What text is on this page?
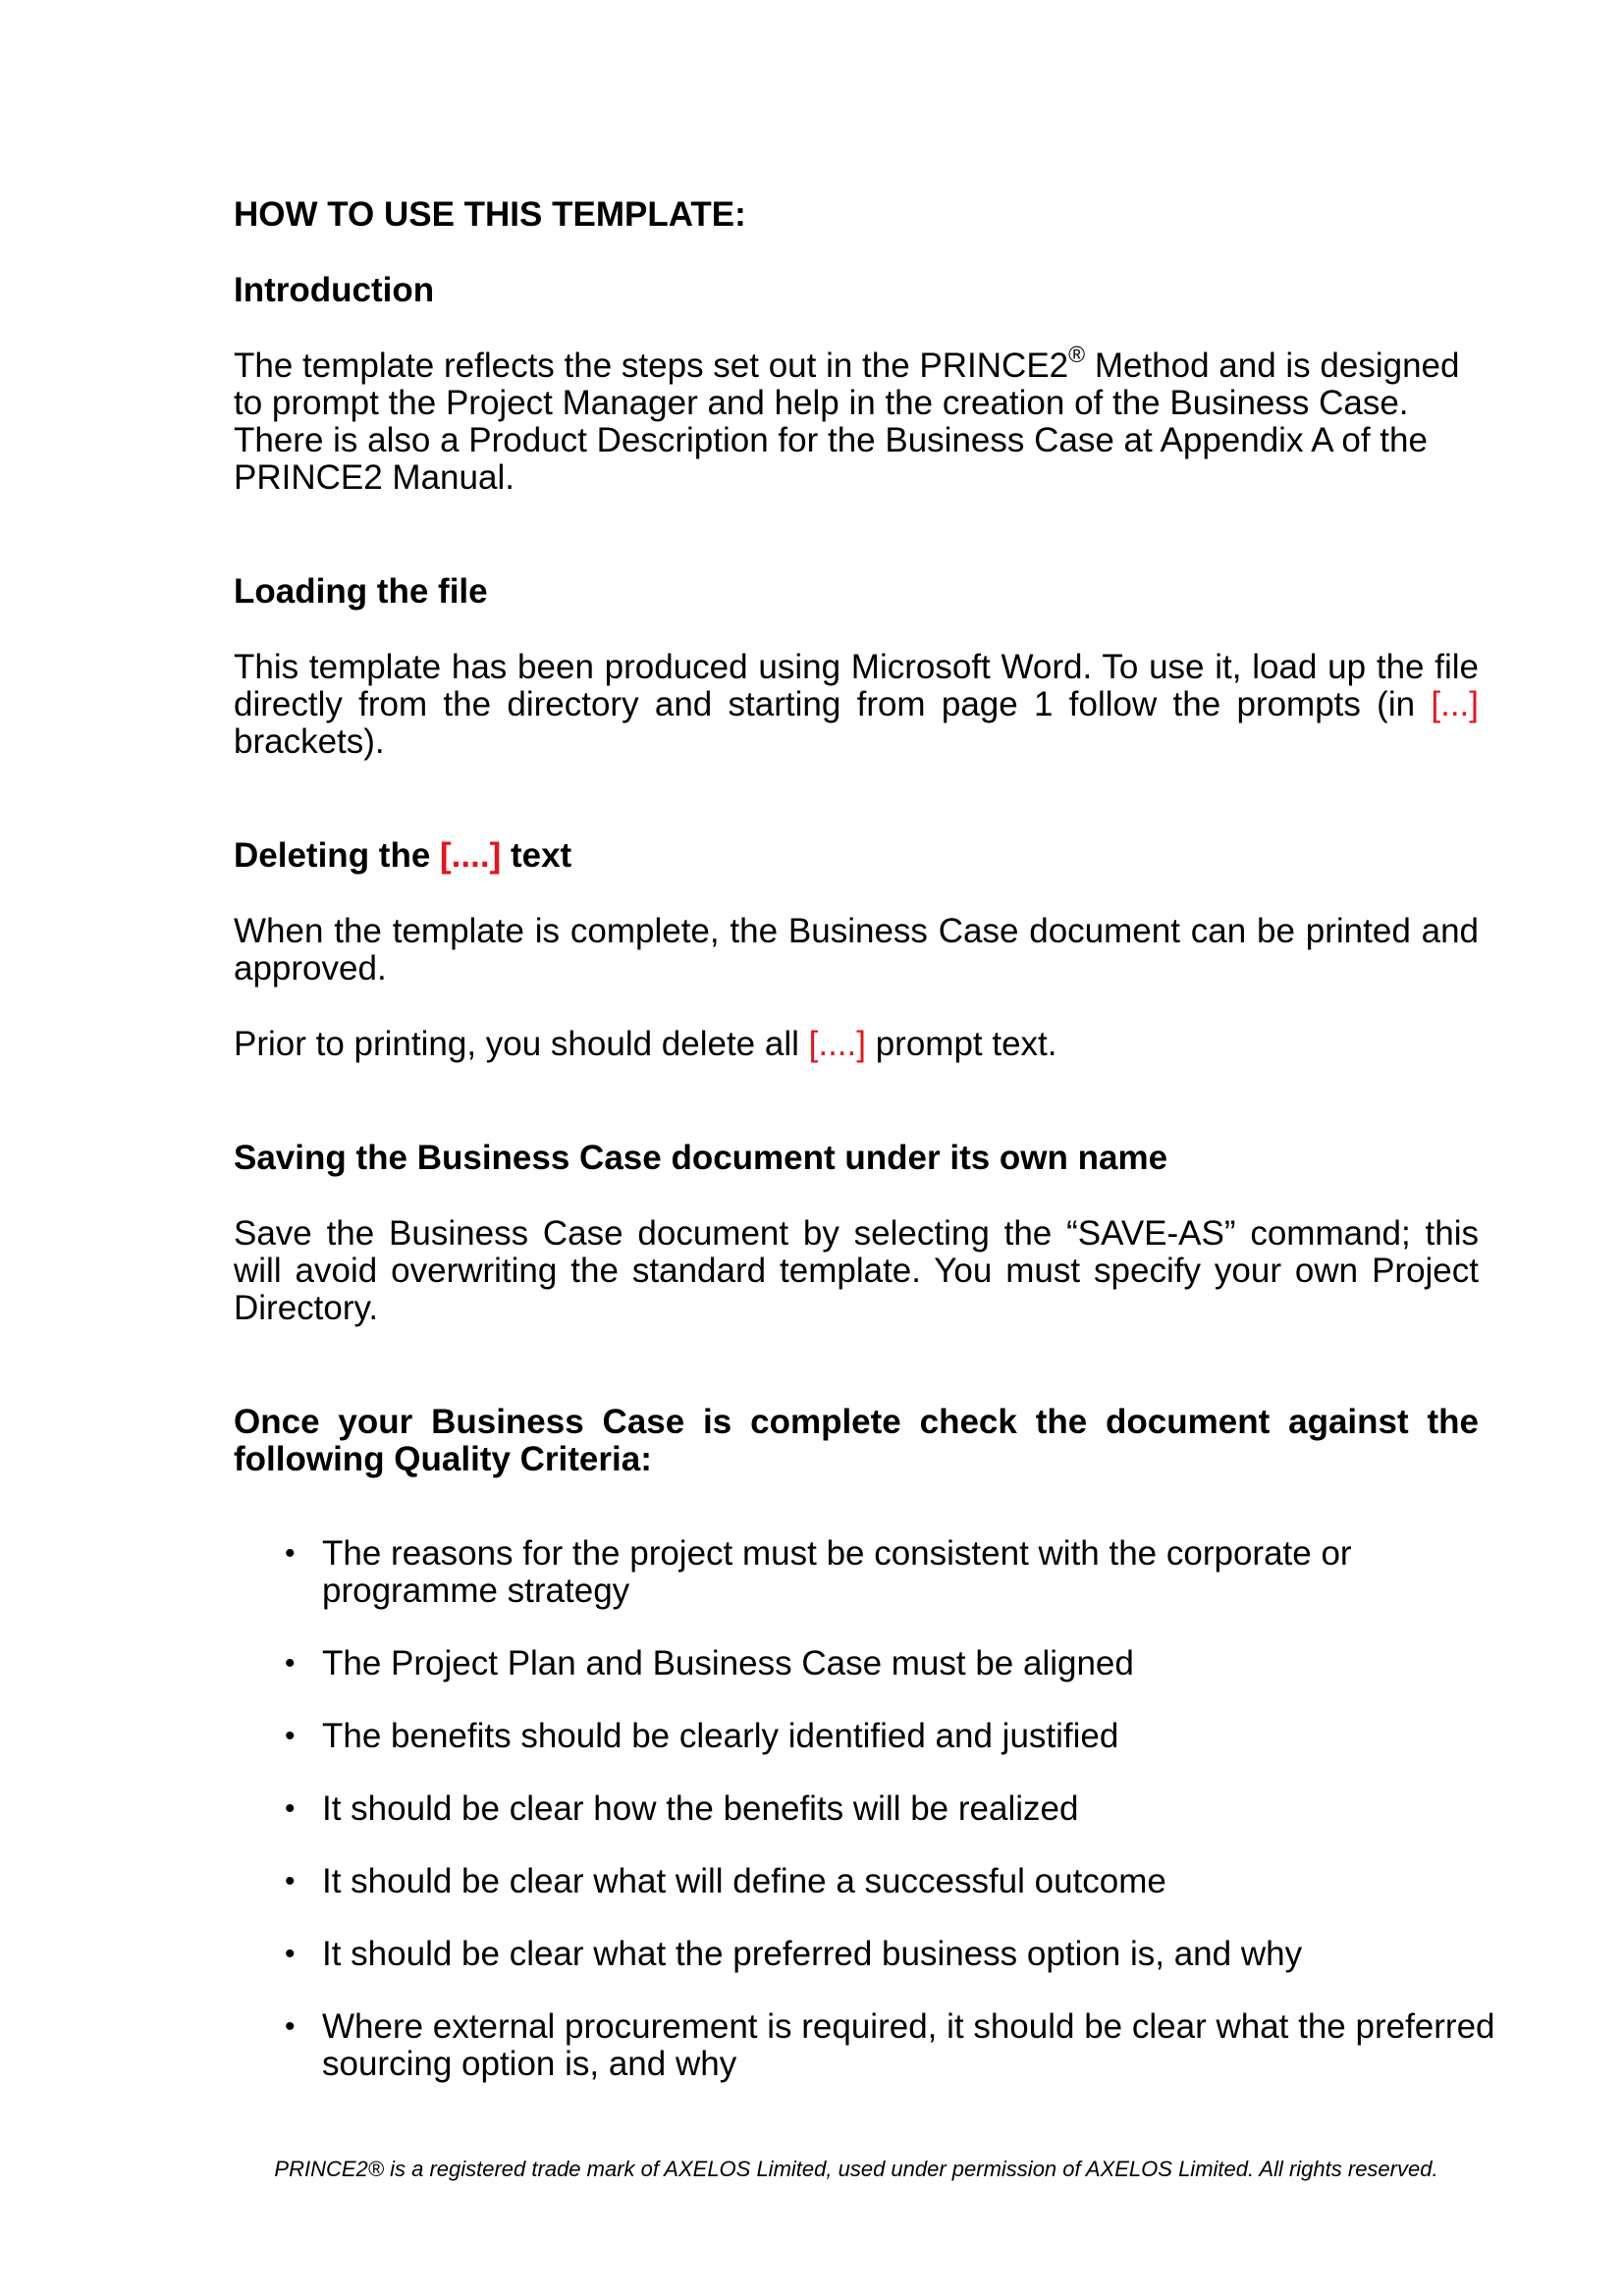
HOW TO USE THIS TEMPLATE:

Introduction

The template reflects the steps set out in the PRINCE2® Method and is designed to prompt the Project Manager and help in the creation of the Business Case. There is also a Product Description for the Business Case at Appendix A of the PRINCE2 Manual.

Loading the file

This template has been produced using Microsoft Word. To use it, load up the file directly from the directory and starting from page 1 follow the prompts (in [...] brackets).

Deleting the [....] text

When the template is complete, the Business Case document can be printed and approved.

Prior to printing, you should delete all [....] prompt text.

Saving the Business Case document under its own name

Save the Business Case document by selecting the “SAVE-AS” command; this will avoid overwriting the standard template. You must specify your own Project Directory.

Once your Business Case is complete check the document against the following Quality Criteria:

• The reasons for the project must be consistent with the corporate or programme strategy
• The Project Plan and Business Case must be aligned
• The benefits should be clearly identified and justified
• It should be clear how the benefits will be realized
• It should be clear what will define a successful outcome
• It should be clear what the preferred business option is, and why
• Where external procurement is required, it should be clear what the preferred sourcing option is, and why
PRINCE2® is a registered trade mark of AXELOS Limited, used under permission of AXELOS Limited. All rights reserved.
